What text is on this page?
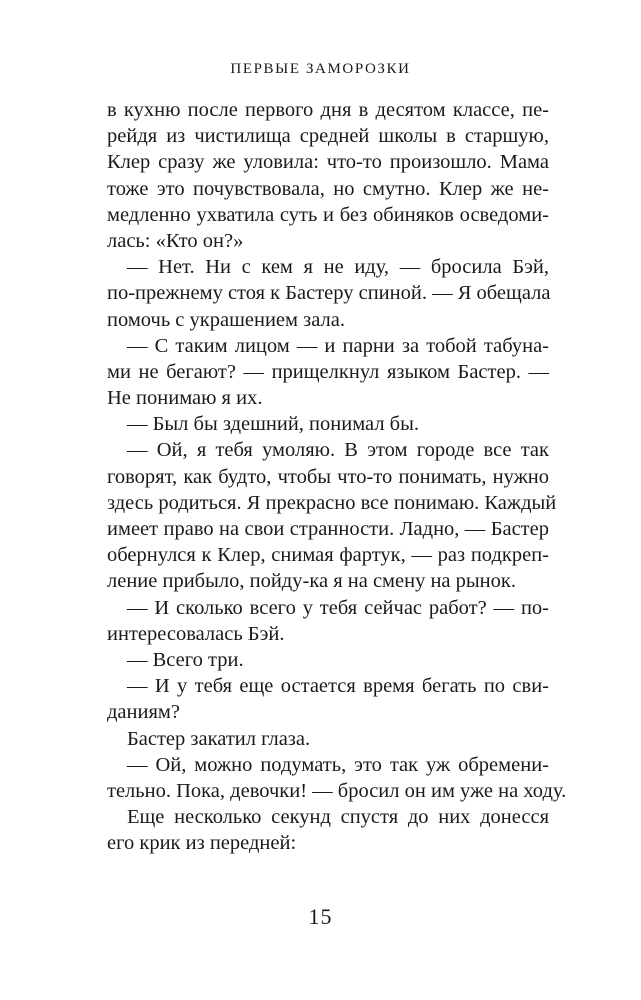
ПЕРВЫЕ ЗАМОРОЗКИ
в кухню после первого дня в десятом классе, пе-
рейдя из чистилища средней школы в старшую,
Клер сразу же уловила: что-то произошло. Мама
тоже это почувствовала, но смутно. Клер же не-
медленно ухватила суть и без обиняков осведоми-
лась: «Кто он?»
— Нет. Ни с кем я не иду, — бросила Бэй,
по-прежнему стоя к Бастеру спиной. — Я обещала
помочь с украшением зала.
— С таким лицом — и парни за тобой табуна-
ми не бегают? — прищелкнул языком Бастер. —
Не понимаю я их.
— Был бы здешний, понимал бы.
— Ой, я тебя умоляю. В этом городе все так
говорят, как будто, чтобы что-то понимать, нужно
здесь родиться. Я прекрасно все понимаю. Каждый
имеет право на свои странности. Ладно, — Бастер
обернулся к Клер, снимая фартук, — раз подкреп-
ление прибыло, пойду-ка я на смену на рынок.
— И сколько всего у тебя сейчас работ? — по-
интересовалась Бэй.
— Всего три.
— И у тебя еще остается время бегать по сви-
даниям?
Бастер закатил глаза.
— Ой, можно подумать, это так уж обремени-
тельно. Пока, девочки! — бросил он им уже на ходу.
Еще несколько секунд спустя до них донесся
его крик из передней:
15
